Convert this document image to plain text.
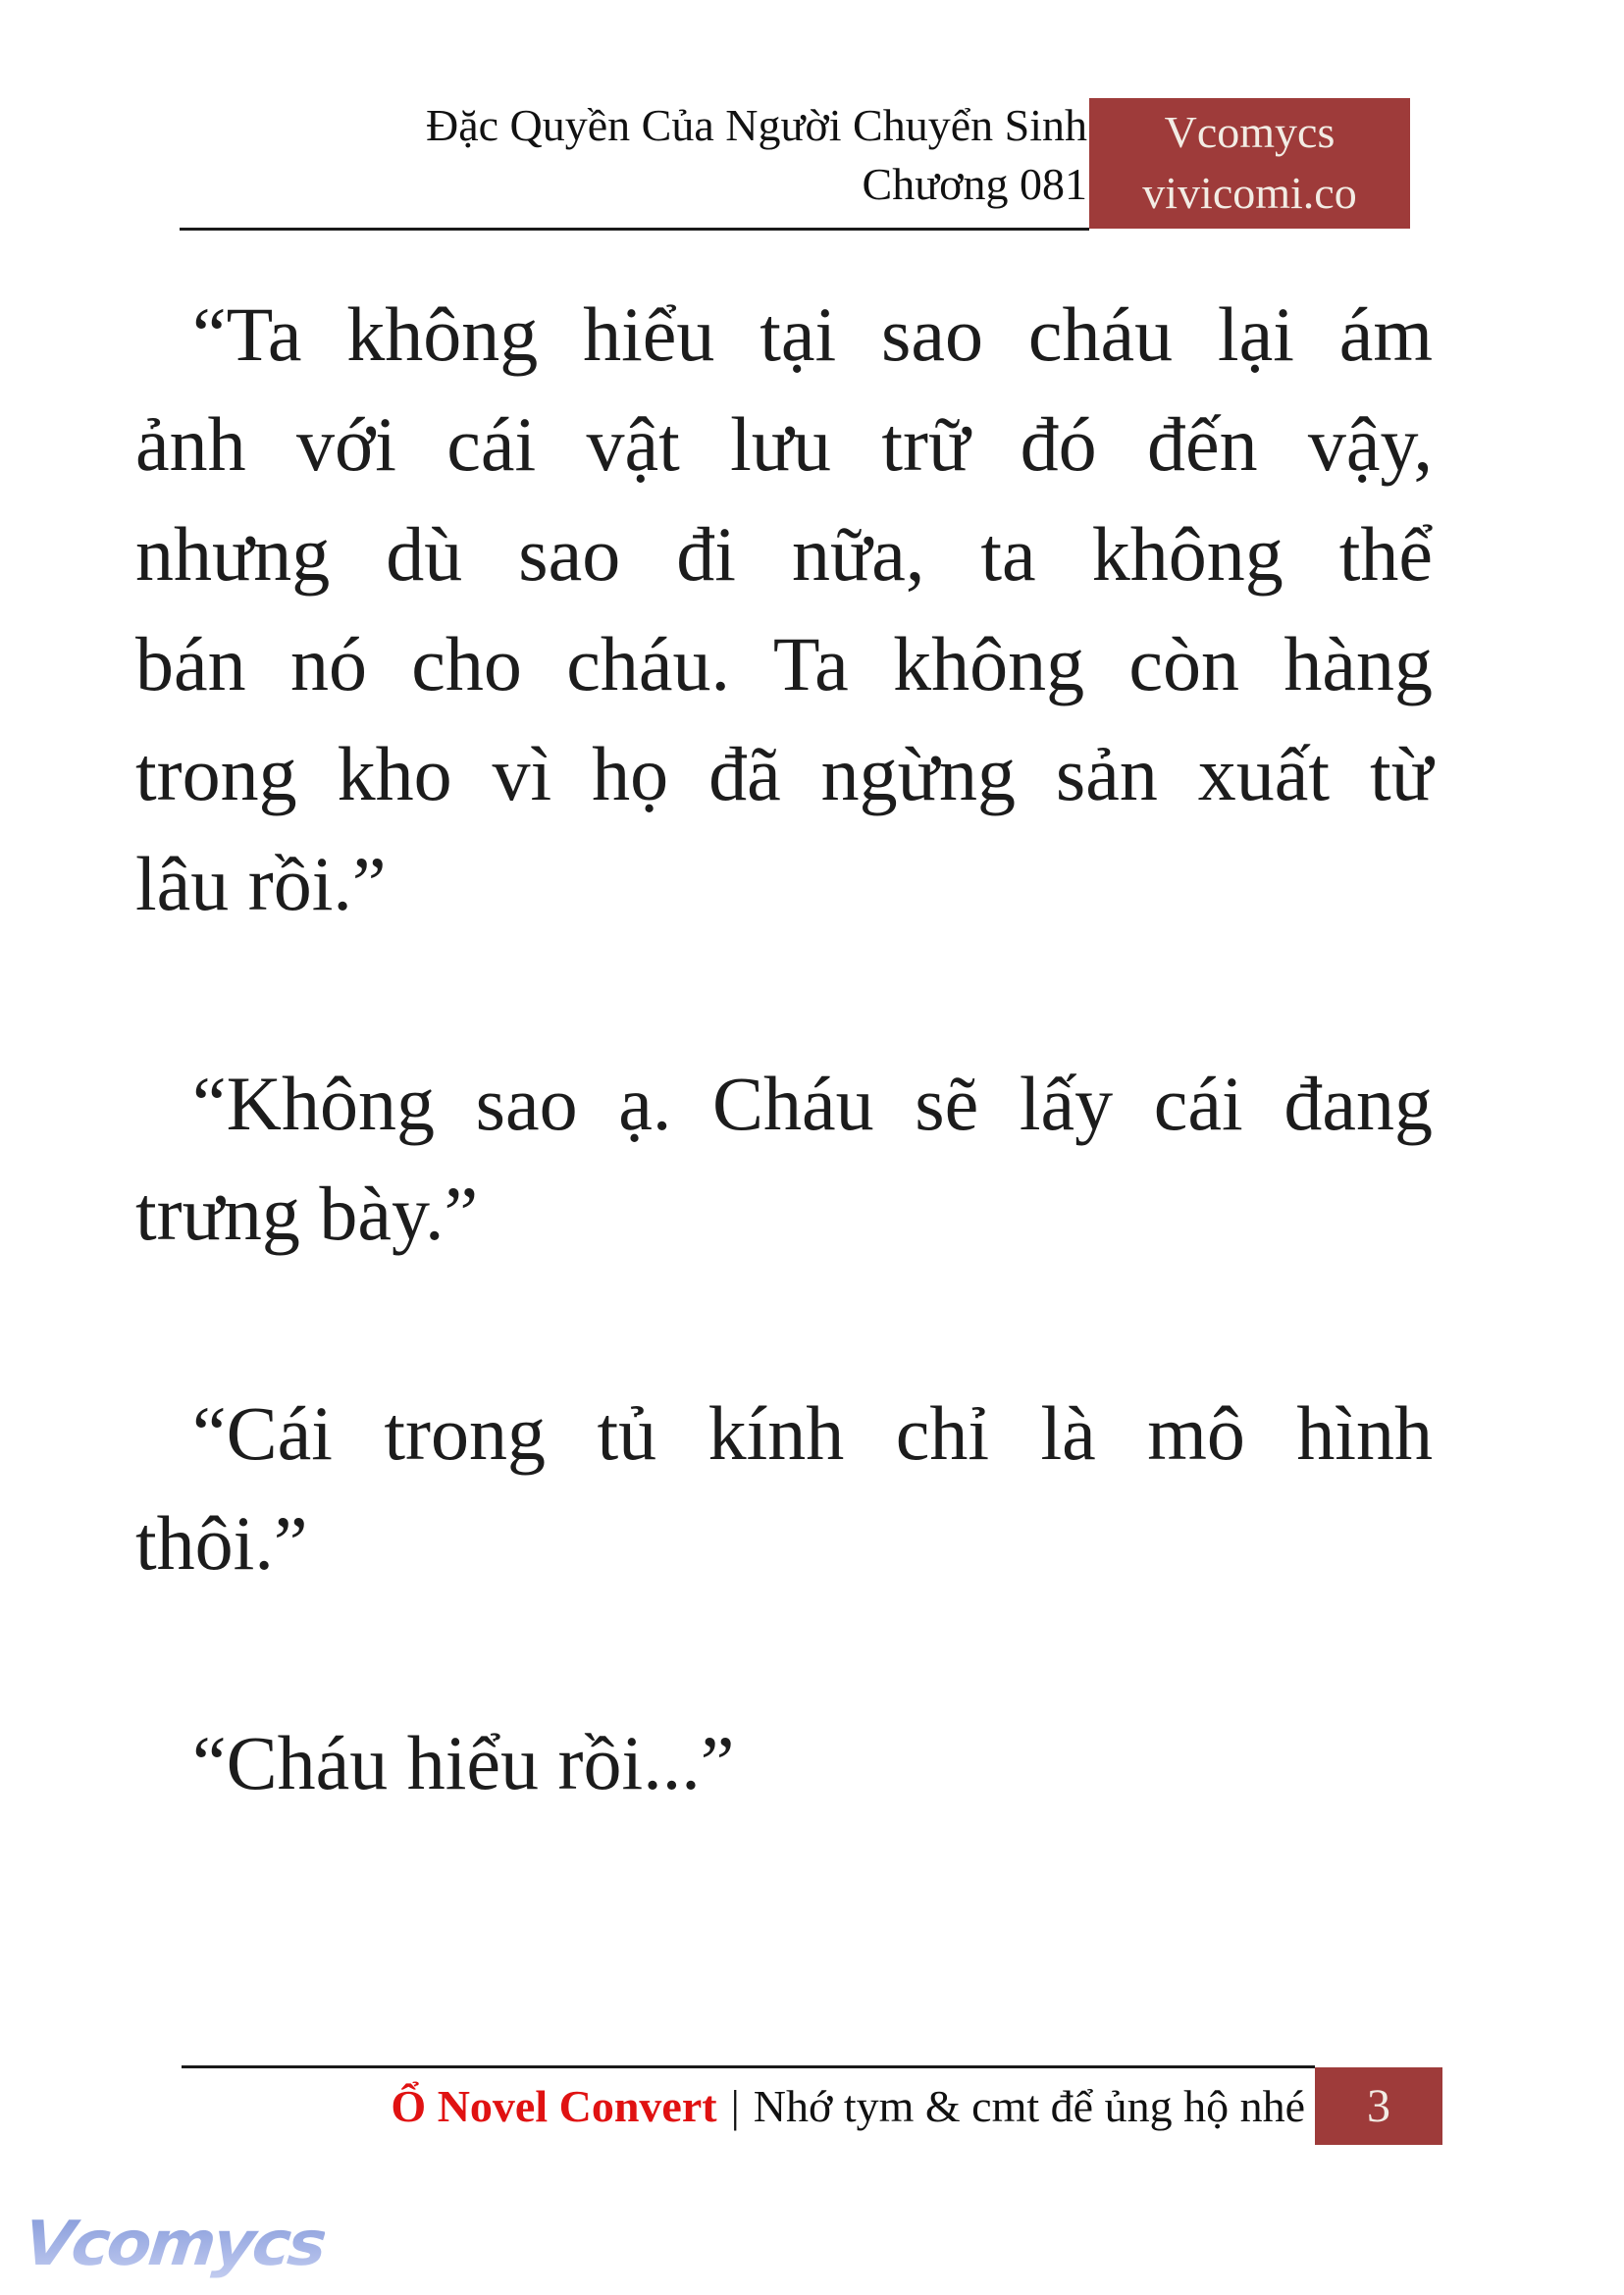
Đặc Quyền Của Người Chuyển Sinh
Chương 081
Vcomycs
vivicomi.co
“Ta không hiểu tại sao cháu lại ám
ảnh với cái vật lưu trữ đó đến vậy,
nhưng dù sao đi nữa, ta không thể
bán nó cho cháu. Ta không còn hàng
trong kho vì họ đã ngừng sản xuất từ
lâu rồi.”
“Không sao ạ. Cháu sẽ lấy cái đang
trưng bày.”
“Cái trong tủ kính chỉ là mô hình
thôi.”
“Cháu hiểu rồi...”
Ổ Novel Convert | Nhớ tym & cmt để ủng hộ nhé 3
Vcomycs
